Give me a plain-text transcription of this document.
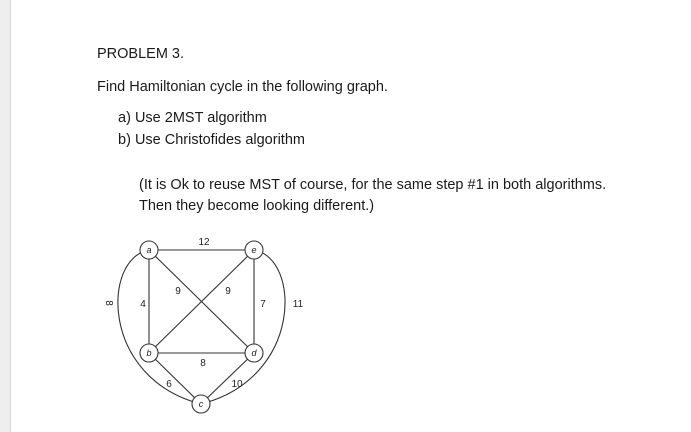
PROBLEM 3.
Find Hamiltonian cycle in the following graph.
a) Use 2MST algorithm
b) Use Christofides algorithm
(It is Ok to reuse MST of course, for the same step #1 in both algorithms.
Then they become looking different.)
a	e
b	d
c
12
4
9	9
7
8
6	10
8	11
